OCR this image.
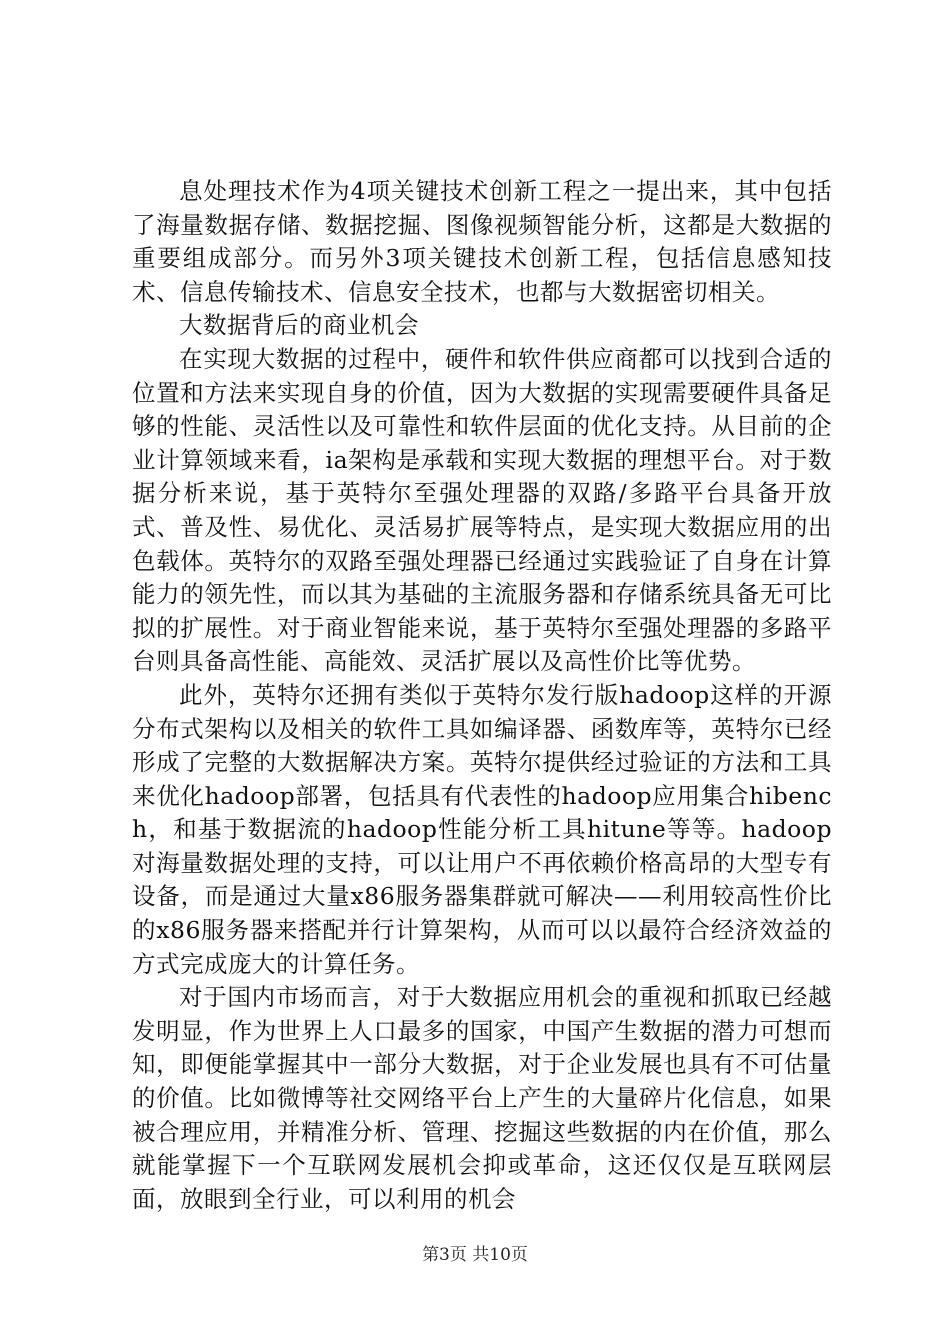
息处理技术作为4项关键技术创新工程之一提出来，其中包括了海量数据存储、数据挖掘、图像视频智能分析，这都是大数据的重要组成部分。而另外3项关键技术创新工程，包括信息感知技术、信息传输技术、信息安全技术，也都与大数据密切相关。

大数据背后的商业机会

在实现大数据的过程中，硬件和软件供应商都可以找到合适的位置和方法来实现自身的价值，因为大数据的实现需要硬件具备足够的性能、灵活性以及可靠性和软件层面的优化支持。从目前的企业计算领域来看，ia架构是承载和实现大数据的理想平台。对于数据分析来说，基于英特尔至强处理器的双路/多路平台具备开放式、普及性、易优化、灵活易扩展等特点，是实现大数据应用的出色载体。英特尔的双路至强处理器已经通过实践验证了自身在计算能力的领先性，而以其为基础的主流服务器和存储系统具备无可比拟的扩展性。对于商业智能来说，基于英特尔至强处理器的多路平台则具备高性能、高能效、灵活扩展以及高性价比等优势。

此外，英特尔还拥有类似于英特尔发行版hadoop这样的开源分布式架构以及相关的软件工具如编译器、函数库等，英特尔已经形成了完整的大数据解决方案。英特尔提供经过验证的方法和工具来优化hadoop部署，包括具有代表性的hadoop应用集合hibench，和基于数据流的hadoop性能分析工具hitune等等。hadoop对海量数据处理的支持，可以让用户不再依赖价格高昂的大型专有设备，而是通过大量x86服务器集群就可解决——利用较高性价比的x86服务器来搭配并行计算架构，从而可以以最符合经济效益的方式完成庞大的计算任务。

对于国内市场而言，对于大数据应用机会的重视和抓取已经越发明显，作为世界上人口最多的国家，中国产生数据的潜力可想而知，即便能掌握其中一部分大数据，对于企业发展也具有不可估量的价值。比如微博等社交网络平台上产生的大量碎片化信息，如果被合理应用，并精准分析、管理、挖掘这些数据的内在价值，那么就能掌握下一个互联网发展机会抑或革命，这还仅仅是互联网层面，放眼到全行业，可以利用的机会

第3页 共10页
